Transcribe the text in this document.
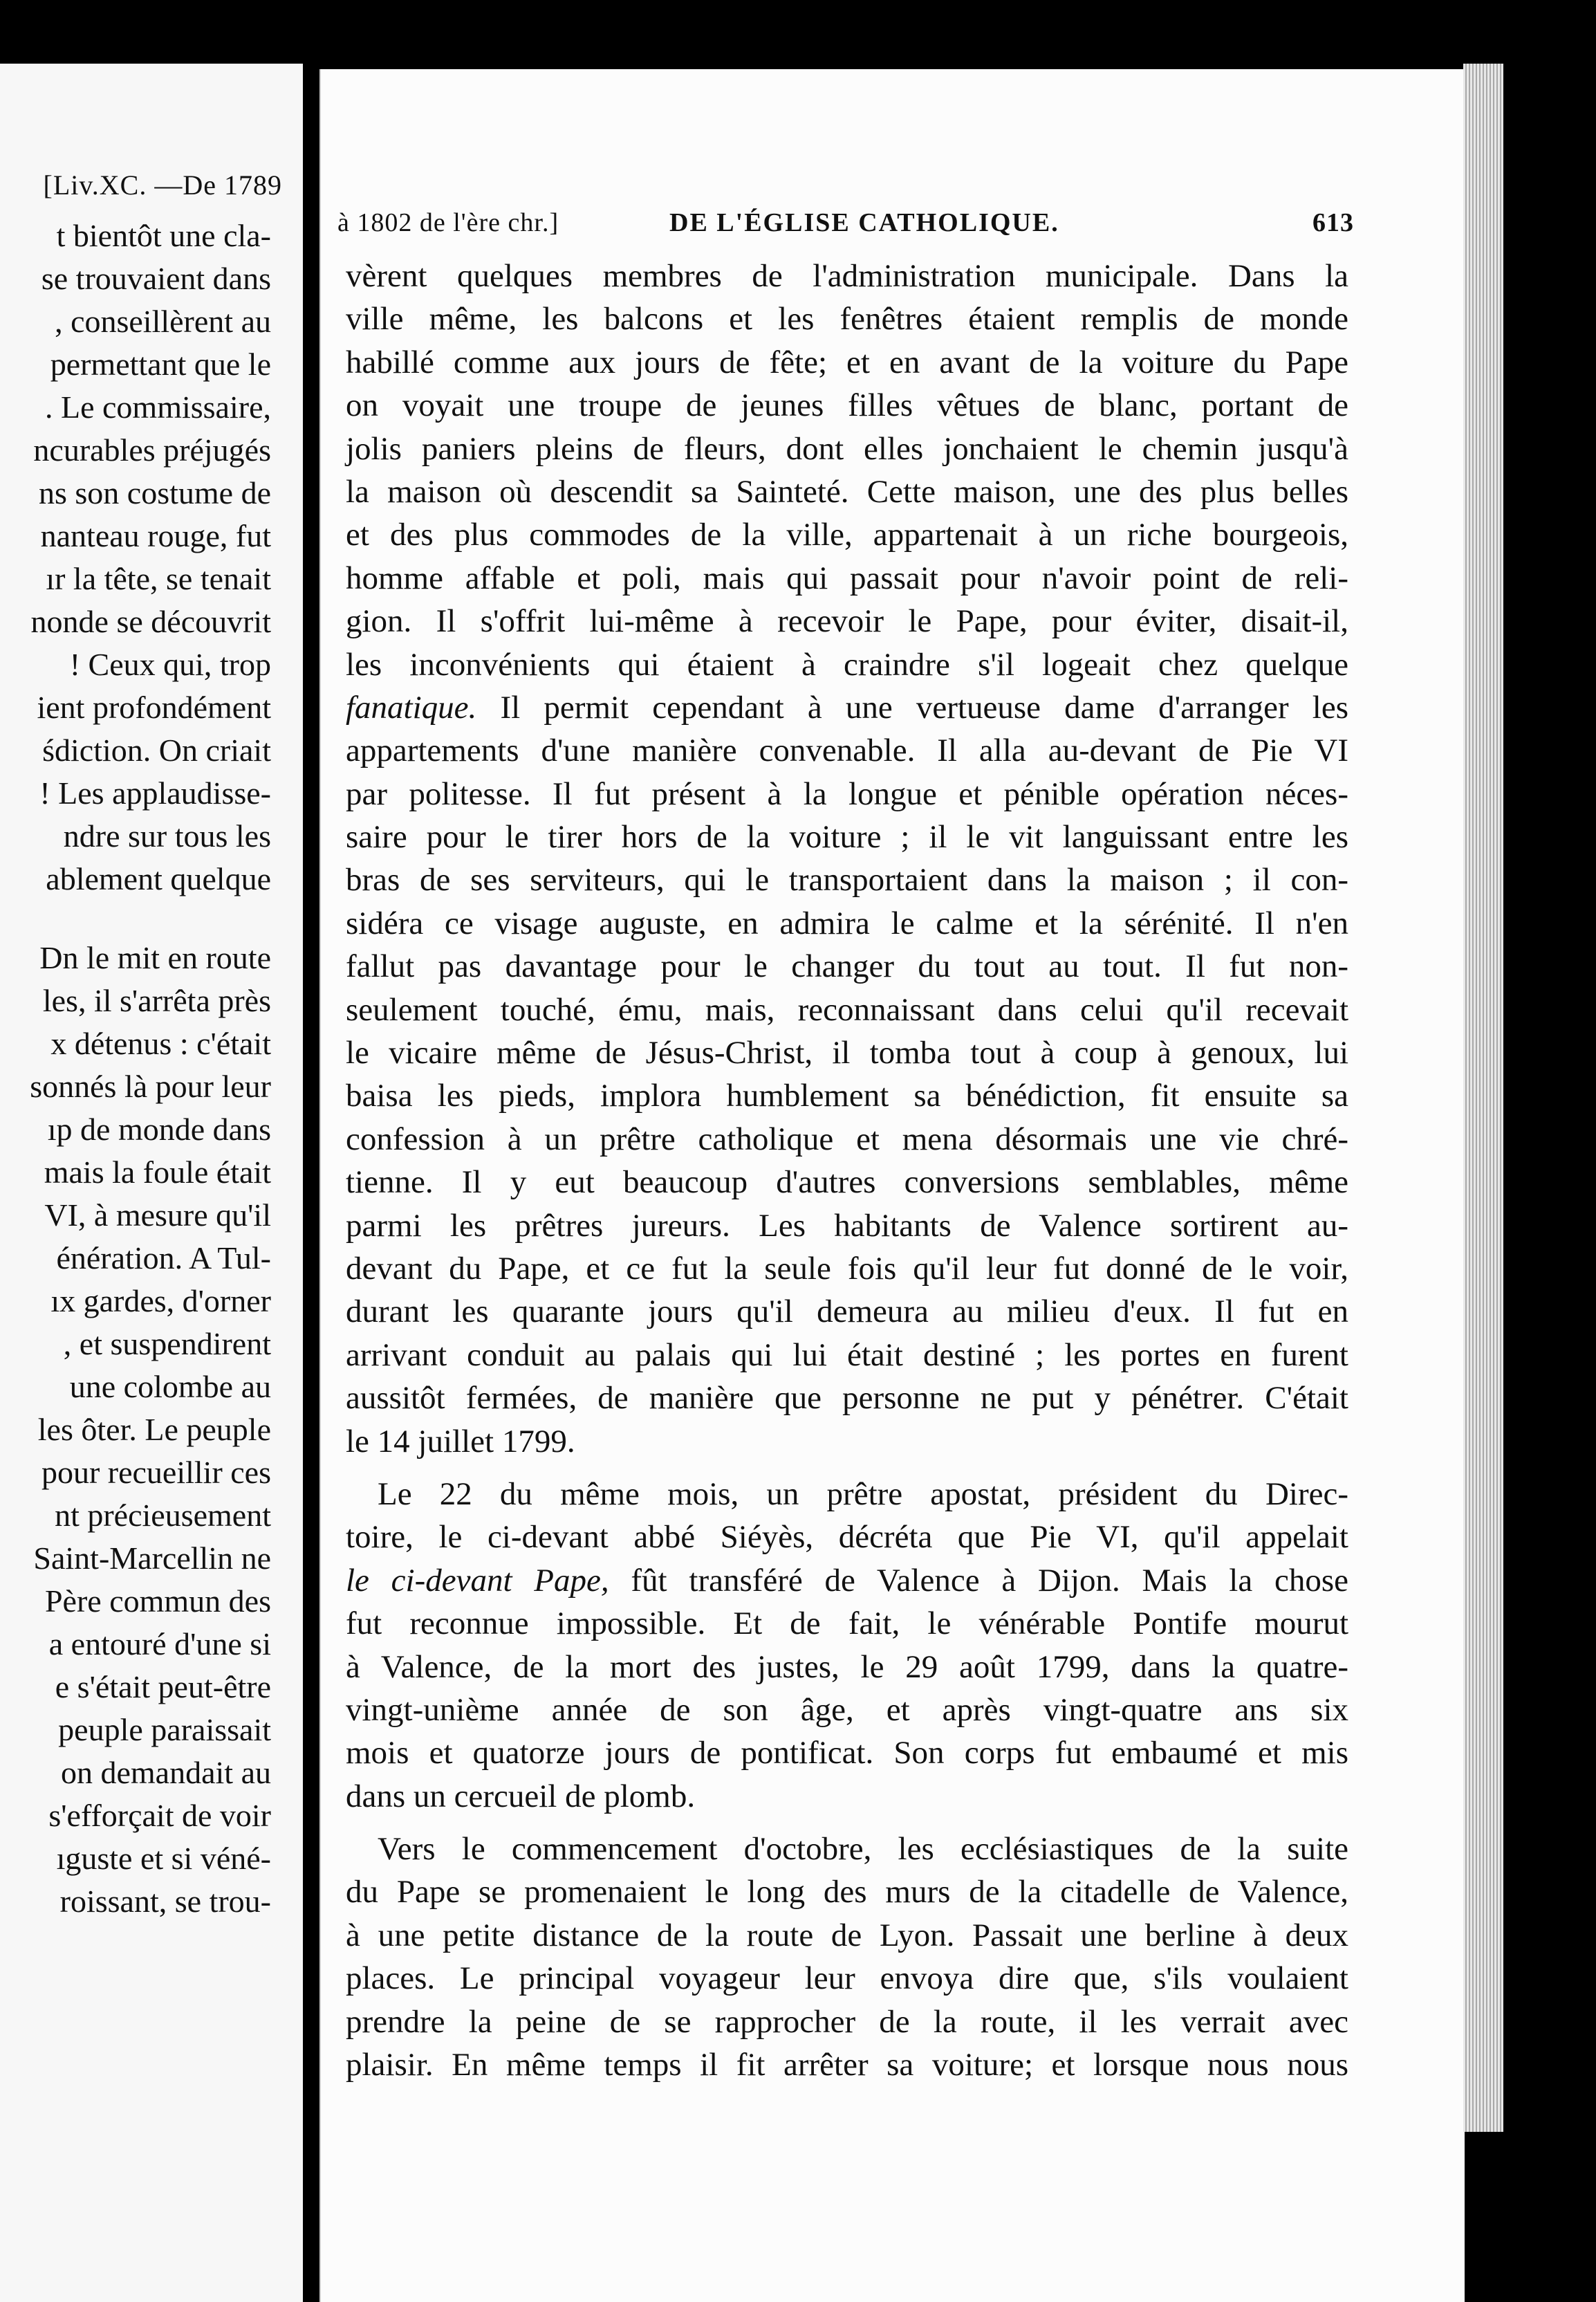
[Liv.XC. —De 1789
t bientôt une cla-
se trouvaient dans
, conseillèrent au
permettant que le
. Le commissaire,
ncurables préjugés
ns son costume de
nanteau rouge, fut
ır la tête, se tenait
nonde se découvrit
! Ceux qui, trop
ient profondément
śdiction. On criait
! Les applaudisse-
ndre sur tous les
ablement quelque
Dn le mit en route
les, il s'arrêta près
x détenus : c'était
sonnés là pour leur
ıp de monde dans
mais la foule était
VI, à mesure qu'il
énération. A Tul-
ıx gardes, d'orner
, et suspendirent
une colombe au
les ôter. Le peuple
pour recueillir ces
nt précieusement
Saint-Marcellin ne
Père commun des
a entouré d'une si
e s'était peut-être
peuple paraissait
on demandait au
s'efforçait de voir
ıguste et si véné-
roissant, se trou-
à 1802 de l'ère chr.]	DE L'ÉGLISE CATHOLIQUE.	613
vèrent quelques membres de l'administration municipale. Dans la
ville même, les balcons et les fenêtres étaient remplis de monde
habillé comme aux jours de fête; et en avant de la voiture du Pape
on voyait une troupe de jeunes filles vêtues de blanc, portant de
jolis paniers pleins de fleurs, dont elles jonchaient le chemin jusqu'à
la maison où descendit sa Sainteté. Cette maison, une des plus belles
et des plus commodes de la ville, appartenait à un riche bourgeois,
homme affable et poli, mais qui passait pour n'avoir point de reli-
gion. Il s'offrit lui-même à recevoir le Pape, pour éviter, disait-il,
les inconvénients qui étaient à craindre s'il logeait chez quelque
fanatique. Il permit cependant à une vertueuse dame d'arranger les
appartements d'une manière convenable. Il alla au-devant de Pie VI
par politesse. Il fut présent à la longue et pénible opération néces-
saire pour le tirer hors de la voiture ; il le vit languissant entre les
bras de ses serviteurs, qui le transportaient dans la maison ; il con-
sidéra ce visage auguste, en admira le calme et la sérénité. Il n'en
fallut pas davantage pour le changer du tout au tout. Il fut non-
seulement touché, ému, mais, reconnaissant dans celui qu'il recevait
le vicaire même de Jésus-Christ, il tomba tout à coup à genoux, lui
baisa les pieds, implora humblement sa bénédiction, fit ensuite sa
confession à un prêtre catholique et mena désormais une vie chré-
tienne. Il y eut beaucoup d'autres conversions semblables, même
parmi les prêtres jureurs. Les habitants de Valence sortirent au-
devant du Pape, et ce fut la seule fois qu'il leur fut donné de le voir,
durant les quarante jours qu'il demeura au milieu d'eux. Il fut en
arrivant conduit au palais qui lui était destiné ; les portes en furent
aussitôt fermées, de manière que personne ne put y pénétrer. C'était
le 14 juillet 1799.
Le 22 du même mois, un prêtre apostat, président du Direc-
toire, le ci-devant abbé Siéyès, décréta que Pie VI, qu'il appelait
le ci-devant Pape, fût transféré de Valence à Dijon. Mais la chose
fut reconnue impossible. Et de fait, le vénérable Pontife mourut
à Valence, de la mort des justes, le 29 août 1799, dans la quatre-
vingt-unième année de son âge, et après vingt-quatre ans six
mois et quatorze jours de pontificat. Son corps fut embaumé et mis
dans un cercueil de plomb.
Vers le commencement d'octobre, les ecclésiastiques de la suite
du Pape se promenaient le long des murs de la citadelle de Valence,
à une petite distance de la route de Lyon. Passait une berline à deux
places. Le principal voyageur leur envoya dire que, s'ils voulaient
prendre la peine de se rapprocher de la route, il les verrait avec
plaisir. En même temps il fit arrêter sa voiture; et lorsque nous nous
